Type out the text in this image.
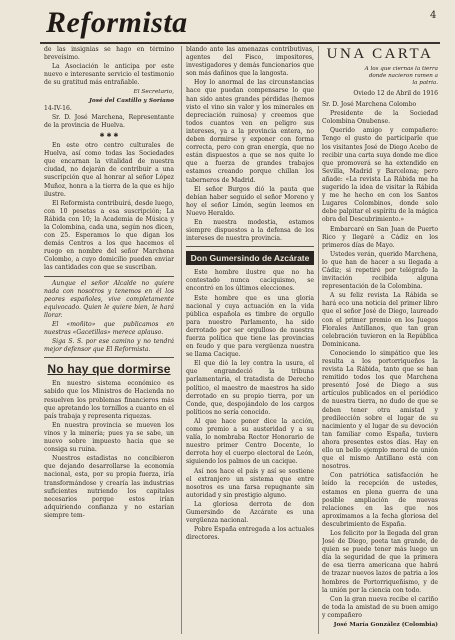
Reformista	4

de las insignias se hago en término breveísimo.

La Asociación le anticipa por este nuevo e interesante servicio el testimonio de su gratitud más entrañable.

El Secretario,
José del Castillo y Soriano

14-IV-16.

Sr. D. José Marchena, Representante de la provincia de Huelva.

✱ ✱ ✱

En este otro centro culturales de Huelva, así como todas las Sociedades que encarnan la vitalidad de nuestra ciudad, no dejarán de contribuir a una suscripción que al honrar al señor López Muñoz, honra a la tierra de la que es hijo ilustre.

El Reformista contribuirá, desde luego, con 10 pesetas a esa suscripción; La Rábida con 10; la Academia de Música y la Colombina, cada una, según nos dicen, con 25. Esperamos lo que digan los demás Centros a los que hacemos el ruego en nombre del señor Marchena Colombo, a cuyo domicilio pueden enviar las cantidades con que se suscriban.

Aunque el señor Alcalde no quiere nada con nosotros y tenemos en él los peores españoles, vive completamente equivocado. Quien le quiere bien, le hará llorar.

El «moñito» que publicamos en nuestras «Gacetillas» merece aplauso.

Siga S. S. por ese camino y no tendrá mejor defensor que El Reformista.

No hay que dormirse

En nuestro sistema económico es sabido que los Ministros de Hacienda no resuelven los problemas financieros más que apretando los tornillos a cuanto en el país trabaja y representa riquezas.

En nuestra provincia se mueven los vinos y la minería; pues ya se sabe, un nuevo sobre impuesto hacia que se consiga su ruina.

Nuestros estadistas no concibieron que dejando desarrollarse la economía nacional, esta, por su propia fuerza, iría transformándose y crearía las industrias suficientes nutriendo los capitales necesarios porque estos irían adquiriendo confianza y no estarían siempre tem-

blando ante las amenazas contributivas, agentes del Fisco, impositores, investigadores y demás funcionarios que son más dañinos que la langosta.

Hoy lo anormal de las circunstancias hace que puedan compensarse lo que han sido antes grandes pérdidas (hemos visto el vino sin valor y los minerales en depreciación ruinosa) y creemos que todos cuantos ven en peligro sus intereses, ya a la provincia entera, no deben dormirse y exponer con forma correcta, pero con gran energía, que no están dispuestos a que se nos quite lo que a fuerza de grandes trabajos estamos creando porque chillan los taberneros de Madrid.

El señor Burgos dió la pauta que debían haber seguido el señor Moreno y hoy el señor Limón, según leemos en Nuevo Heraldo.

En nuestra modestia, estamos siempre dispuestos a la defensa de los intereses de nuestra provincia.

Don Gumersindo de Azcárate

Este hombre ilustre que no ha contestado nunca caciquismo, se encontró en los últimos elecciones.

Este hombre que es una gloria nacional y cuya actuación en la vida pública española es timbre de orgullo para nuestro Parlamento, ha sido derrotado por ser orgulloso de nuestra fuerza política que tiene las provincias en feudo y que para vergüenza nuestra se llama Cacique.

El que dió la ley contra la usura, el que engrandeció la tribuna parlamentaria, el tratadista de Derecho político, el maestro de maestros ha sido derrotado en su propio tierra, por un Conde, que, despojándolo de los cargos políticos no sería conocido.

Al que hace poner dice la acción, como premio a su austeridad y a su valía, lo nombraba Rector Honorario de nuestro primer Centro Docente, lo derrota hoy el cuerpo electoral de León, siguiendo los palmos de un cacique.

Así nos hace el país y así se sostiene el extranjero un sistema que entre nosotros es una farsa repugnante sin autoridad y sin prestigio alguno.

La gloriosa derrota de don Gumersindo de Azcárate es una vergüenza nacional.

Pobre España entregada a los actuales directores.

UNA CARTA
A los que ciernas la tierra donde nacieron ramen a la patria.
Oviedo 12 de Abril de 1916

Sr. D. José Marchena Colombo

Presidente de la Sociedad Colombina Onubense.

Querido amigo y compañero: Tengo el gusto de participarle que los visitantes José de Diego Acebo de recibir una carta suya donde me dice que promoverá se ha extendido en Sevilla, Madrid y Barcelona; pero añade: «La revista La Rábida me ha sugerido la idea de visitar la Rábida y me he hecho en con los Santos Lugares Colombinos, donde solo debe palpitar el espíritu de la mágica obra del Descubrimiento.»

Embarcaré en San Juan de Puerto Rico y llegaré a Cádiz en los primeros días de Mayo.

Ustedes verán, querido Marchena, lo que han de hacer a su llegada a Cádiz; si repetiré por telégrafo la invitación recibida alguna representación de la Colombina.

A su feliz revista La Rábida se hará eco una noticia del primer libro que el señor José de Diego, laureado con el primer premio en los Juegos Florales Antillanos, que tan gran celebración tuvieron en la República Dominicana.

Conociendo lo simpático que les resulta a los portorriqueños la revista La Rábida, tanto que se han remitido todos los que Marchena presentó José de Diego a sus artículos publicados en el periódico de nuestra tierra, no dudo de que se deben tener otra amistad y predilección sobre el lugar de su nacimiento y el lugar de su devoción tan familiar como España, tuviera ahora presentes estos días. Hay en ello un bello ejemplo moral de unión que el mismo Antillano está con nosotros.

Con patriótica satisfacción he leído la recepción de ustedes, estamos en plena guerra de una posible ampliación de nuevas relaciones en las que nos aproximamos a la fecha gloriosa del descubrimiento de España.

Los felicito por la llegada del gran José de Diego, poeta tan grande, de quien se puede tener más luego un día la seguridad de que la primera de esa tierra americana que habrá de trazar nuevos lazos de patria a los hombres de Portorriqueñismo, y de la unión por la ciencia con todo.

Con la gran nueva recibe el cariño de toda la amistad de su buen amigo y compañero

José María González (Colombia)
